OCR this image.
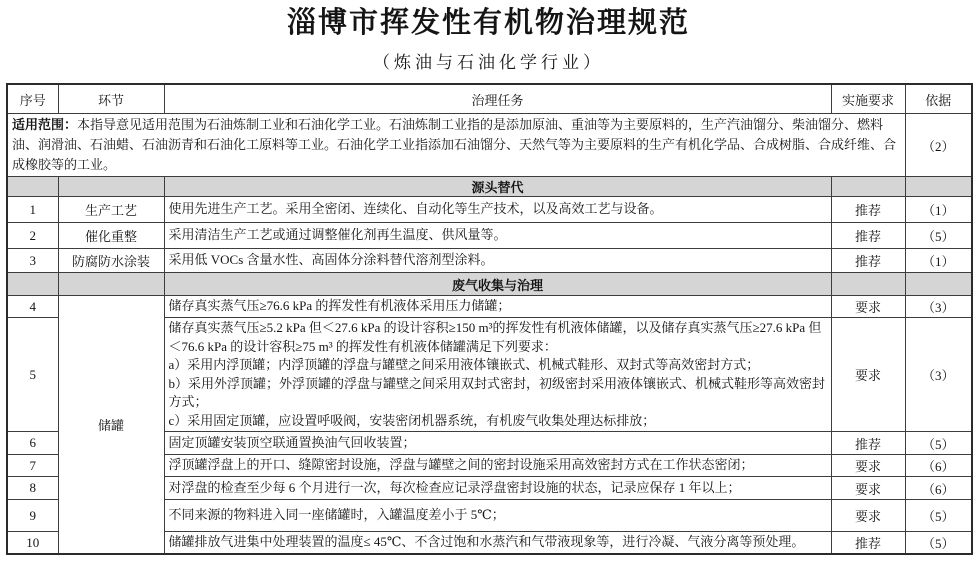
淄博市挥发性有机物治理规范
（炼油与石油化学行业）
序号	环节	治理任务	实施要求	依据
适用范围：本指导意见适用范围为石油炼制工业和石油化学工业。石油炼制工业指的是添加原油、重油等为主要原料的，生产汽油馏分、柴油馏分、燃料油、润滑油、石油蜡、石油沥青和石油化工原料等工业。石油化学工业指添加石油馏分、天然气等为主要原料的生产有机化学品、合成树脂、合成纤维、合成橡胶等的工业。				（2）
		源头替代		
1	生产工艺	使用先进生产工艺。采用全密闭、连续化、自动化等生产技术，以及高效工艺与设备。	推荐	（1）
2	催化重整	采用清洁生产工艺或通过调整催化剂再生温度、供风量等。	推荐	（5）
3	防腐防水涂装	采用低 VOCs 含量水性、高固体分涂料替代溶剂型涂料。	推荐	（1）
		废气收集与治理		
4	储罐	储存真实蒸气压≥76.6 kPa 的挥发性有机液体采用压力储罐；	要求	（3）
5		储存真实蒸气压≥5.2 kPa 但＜27.6 kPa 的设计容积≥150 m³的挥发性有机液体储罐，以及储存真实蒸气压≥27.6 kPa 但＜76.6 kPa 的设计容积≥75 m³ 的挥发性有机液体储罐满足下列要求：
a）采用内浮顶罐；内浮顶罐的浮盘与罐壁之间采用液体镶嵌式、机械式鞋形、双封式等高效密封方式；
b）采用外浮顶罐；外浮顶罐的浮盘与罐壁之间采用双封式密封，初级密封采用液体镶嵌式、机械式鞋形等高效密封方式；
c）采用固定顶罐，应设置呼吸阀，安装密闭机器系统，有机废气收集处理达标排放；	要求	（3）
6		固定顶罐安装顶空联通置换油气回收装置；	推荐	（5）
7		浮顶罐浮盘上的开口、缝隙密封设施，浮盘与罐壁之间的密封设施采用高效密封方式在工作状态密闭；	要求	（6）
8		对浮盘的检查至少每 6 个月进行一次，每次检查应记录浮盘密封设施的状态，记录应保存 1 年以上；	要求	（6）
9		不同来源的物料进入同一座储罐时，入罐温度差小于 5℃；	要求	（5）
10		储罐排放气进集中处理装置的温度≤ 45℃、不含过饱和水蒸汽和气带液现象等，进行冷凝、气液分离等预处理。	推荐	（5）
